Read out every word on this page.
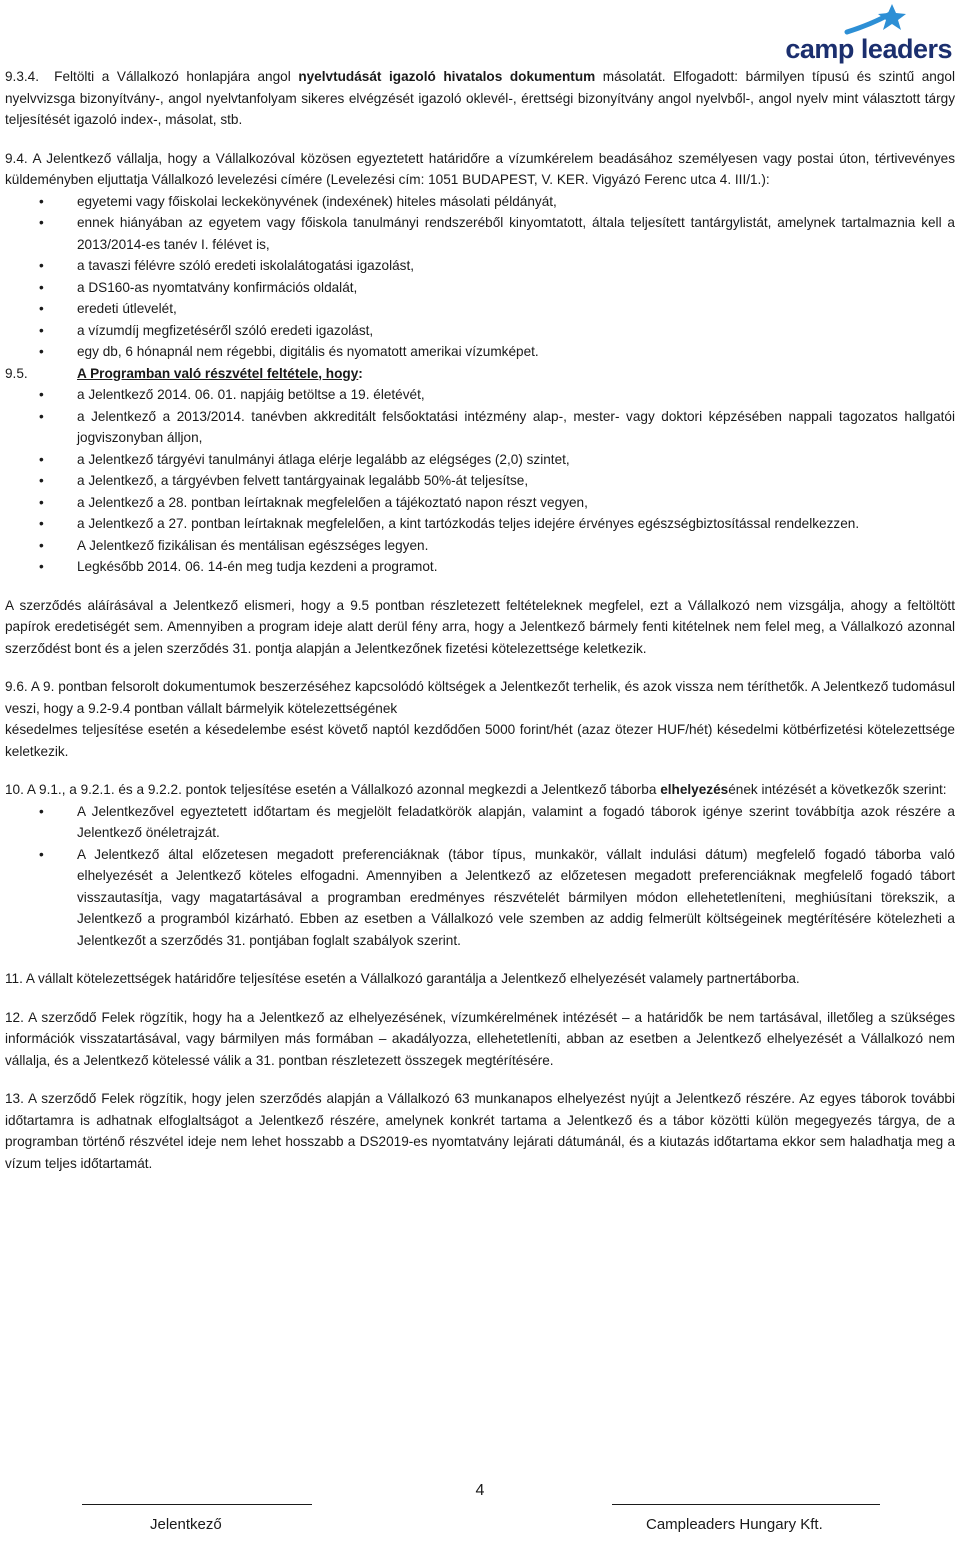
camp leaders

9.3.4. Feltölti a Vállalkozó honlapjára angol nyelvtudását igazoló hivatalos dokumentum másolatát. Elfogadott: bármilyen típusú és szintű angol nyelvvizsga bizonyítvány-, angol nyelvtanfolyam sikeres elvégzését igazoló oklevél-, érettségi bizonyítvány angol nyelvből-, angol nyelv mint választott tárgy teljesítését igazoló index-, másolat, stb.

9.4. A Jelentkező vállalja, hogy a Vállalkozóval közösen egyeztetett határidőre a vízumkérelem beadásához személyesen vagy postai úton, tértivevényes küldeményben eljuttatja Vállalkozó levelezési címére (Levelezési cím: 1051 BUDAPEST, V. KER. Vigyázó Ferenc utca 4. III/1.):

• egyetemi vagy főiskolai leckekönyvének (indexének) hiteles másolati példányát,
• ennek hiányában az egyetem vagy főiskola tanulmányi rendszeréből kinyomtatott, általa teljesített tantárgylistát, amelynek tartalmaznia kell a 2013/2014-es tanév I. félévet is,
• a tavaszi félévre szóló eredeti iskolalátogatási igazolást,
• a DS160-as nyomtatvány konfirmációs oldalát,
• eredeti útlevelét,
• a vízumdíj megfizetéséről szóló eredeti igazolást,
• egy db, 6 hónapnál nem régebbi, digitális és nyomatott amerikai vízumképet.
9.5.	A Programban való részvétel feltétele, hogy:
• a Jelentkező 2014. 06. 01. napjáig betöltse a 19. életévét,
• a Jelentkező a 2013/2014. tanévben akkreditált felsőoktatási intézmény alap-, mester- vagy doktori képzésében nappali tagozatos hallgatói jogviszonyban álljon,
• a Jelentkező tárgyévi tanulmányi átlaga elérje legalább az elégséges (2,0) szintet,
• a Jelentkező, a tárgyévben felvett tantárgyainak legalább 50%-át teljesítse,
• a Jelentkező a 28. pontban leírtaknak megfelelően a tájékoztató napon részt vegyen,
• a Jelentkező a 27. pontban leírtaknak megfelelően, a kint tartózkodás teljes idejére érvényes egészségbiztosítással rendelkezzen.
• A Jelentkező fizikálisan és mentálisan egészséges legyen.
• Legkésőbb 2014. 06. 14-én meg tudja kezdeni a programot.

A szerződés aláírásával a Jelentkező elismeri, hogy a 9.5 pontban részletezett feltételeknek megfelel, ezt a Vállalkozó nem vizsgálja, ahogy a feltöltött papírok eredetiségét sem. Amennyiben a program ideje alatt derül fény arra, hogy a Jelentkező bármely fenti kitételnek nem felel meg, a Vállalkozó azonnal szerződést bont és a jelen szerződés 31. pontja alapján a Jelentkezőnek fizetési kötelezettsége keletkezik.

9.6. A 9. pontban felsorolt dokumentumok beszerzéséhez kapcsolódó költségek a Jelentkezőt terhelik, és azok vissza nem téríthetők. A Jelentkező tudomásul veszi, hogy a 9.2-9.4 pontban vállalt bármelyik kötelezettségének

késedelmes teljesítése esetén a késedelembe esést követő naptól kezdődően 5000 forint/hét (azaz ötezer HUF/hét) késedelmi kötbérfizetési kötelezettsége keletkezik.

10. A 9.1., a 9.2.1. és a 9.2.2. pontok teljesítése esetén a Vállalkozó azonnal megkezdi a Jelentkező táborba elhelyezésének intézését a következők szerint:

• A Jelentkezővel egyeztetett időtartam és megjelölt feladatkörök alapján, valamint a fogadó táborok igénye szerint továbbítja azok részére a Jelentkező önéletrajzát.
• A Jelentkező által előzetesen megadott preferenciáknak (tábor típus, munkakör, vállalt indulási dátum) megfelelő fogadó táborba való elhelyezését a Jelentkező köteles elfogadni. Amennyiben a Jelentkező az előzetesen megadott preferenciáknak megfelelő fogadó tábort visszautasítja, vagy magatartásával a programban eredményes részvételét bármilyen módon ellehetetleníteni, meghiúsítani törekszik, a Jelentkező a programból kizárható. Ebben az esetben a Vállalkozó vele szemben az addig felmerült költségeinek megtérítésére kötelezheti a Jelentkezőt a szerződés 31. pontjában foglalt szabályok szerint.

11. A vállalt kötelezettségek határidőre teljesítése esetén a Vállalkozó garantálja a Jelentkező elhelyezését valamely partnertáborba.

12. A szerződő Felek rögzítik, hogy ha a Jelentkező az elhelyezésének, vízumkérelmének intézését – a határidők be nem tartásával, illetőleg a szükséges információk visszatartásával, vagy bármilyen más formában – akadályozza, ellehetetleníti, abban az esetben a Jelentkező elhelyezését a Vállalkozó nem vállalja, és a Jelentkező kötelessé válik a 31. pontban részletezett összegek megtérítésére.

13. A szerződő Felek rögzítik, hogy jelen szerződés alapján a Vállalkozó 63 munkanapos elhelyezést nyújt a Jelentkező részére. Az egyes táborok további időtartamra is adhatnak elfoglaltságot a Jelentkező részére, amelynek konkrét tartama a Jelentkező és a tábor közötti külön megegyezés tárgya, de a programban történő részvétel ideje nem lehet hosszabb a DS2019-es nyomtatvány lejárati dátumánál, és a kiutazás időtartama ekkor sem haladhatja meg a vízum teljes időtartamát.

4
Jelentkező	Campleaders Hungary Kft.
